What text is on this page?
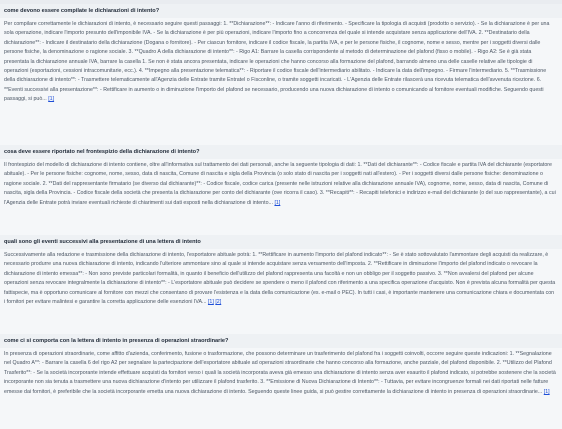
come devono essere compilate le dichiarazioni di intento?
Per compilare correttamente le dichiarazioni di intento, è necessario seguire questi passaggi: 1. **Dichiarazione**: - Indicare l'anno di riferimento. - Specificare la tipologia di acquisti (prodotto o servizio). - Se la dichiarazione è per una sola operazione, indicare l'importo presunto dell'imponibile IVA. - Se la dichiarazione è per più operazioni, indicare l'importo fino a concorrenza del quale si intende acquistare senza applicazione dell'IVA. 2. **Destinatario della dichiarazione**: - Indicare il destinatario della dichiarazione (Dogana o fornitore). - Per ciascun fornitore, indicare il codice fiscale, la partita IVA, e per le persone fisiche, il cognome, nome e sesso, mentre per i soggetti diversi dalle persone fisiche, la denominazione o ragione sociale. 3. **Quadro A della dichiarazione di intento**: - Rigo A1: Barrare la casella corrispondente al metodo di determinazione del plafond (fisso o mobile). - Rigo A2: Se è già stata presentata la dichiarazione annuale IVA, barrare la casella 1. Se non è stata ancora presentata, indicare le operazioni che hanno concorso alla formazione del plafond, barrando almeno una delle caselle relative alle tipologie di operazioni (esportazioni, cessioni intracomunitarie, ecc.). 4. **Impegno alla presentazione telematica**: - Riportare il codice fiscale dell'intermediario abilitato. - Indicare la data dell'impegno. - Firmare l'intermediario. 5. **Trasmissione della dichiarazione di intento**: - Trasmettere telematicamente all'Agenzia delle Entrate tramite Entratel o Fisconline, o tramite soggetti incaricati. - L'Agenzia delle Entrate rilascerà una ricevuta telematica dell'avvenuta ricezione. 6. **Eventi successivi alla presentazione**: - Rettificare in aumento o in diminuzione l'importo del plafond se necessario, producendo una nuova dichiarazione di intento o comunicando al fornitore eventuali modifiche. Seguendo questi passaggi, si può... [1]
cosa deve essere riportato nel frontespizio della dichiarazione di intento?
Il frontespizio del modello di dichiarazione di intento contiene, oltre all'informativa sul trattamento dei dati personali, anche la seguente tipologia di dati: 1. **Dati del dichiarante**: - Codice fiscale e partita IVA del dichiarante (esportatore abituale). - Per le persone fisiche: cognome, nome, sesso, data di nascita, Comune di nascita e sigla della Provincia (o solo stato di nascita per i soggetti nati all'estero). - Per i soggetti diversi dalle persone fisiche: denominazione o ragione sociale. 2. **Dati del rappresentante firmatario (se diverso dal dichiarante)**: - Codice fiscale, codice carica (presente nelle istruzioni relative alla dichiarazione annuale IVA), cognome, nome, sesso, data di nascita, Comune di nascita, sigla della Provincia. - Codice fiscale della società che presenta la dichiarazione per conto del dichiarante (ove ricorra il caso). 3. **Recapiti**: - Recapiti telefonici e indirizzo e-mail del dichiarante (o del suo rappresentante), a cui l'Agenzia delle Entrate potrà inviare eventuali richieste di chiarimenti sui dati esposti nella dichiarazione di intento... [1]
quali sono gli eventi successivi alla presentazione di una lettera di intento
Successivamente alla redazione e trasmissione della dichiarazione di intento, l'esportatore abituale potrà: 1. **Rettificare in aumento l'importo del plafond indicato**: - Se è stato sottovalutato l'ammontare degli acquisti da realizzare, è necessario produrre una nuova dichiarazione di intento, indicando l'ulteriore ammontare sino al quale si intende acquistare senza versamento dell'imposta. 2. **Rettificare in diminuzione l'importo del plafond indicato o revocare la dichiarazione di intento emessa**: - Non sono previste particolari formalità, in quanto il beneficio dell'utilizzo del plafond rappresenta una facoltà e non un obbligo per il soggetto passivo. 3. **Non avvalersi del plafond per alcune operazioni senza revocare integralmente la dichiarazione di intento**: - L'esportatore abituale può decidere se spendere o meno il plafond con riferimento a una specifica operazione d'acquisto. Non è prevista alcuna formalità per questa fattispecie, ma è opportuno comunicare al fornitore con mezzi che consentano di provare l'esistenza e la data della comunicazione (es. e-mail o PEC). In tutti i casi, è importante mantenere una comunicazione chiara e documentata con i fornitori per evitare malintesi e garantire la corretta applicazione delle esenzioni IVA... [1] [2]
come ci si comporta con la lettera di intento in presenza di operazioni straordinarie?
In presenza di operazioni straordinarie, come affitto d'azienda, conferimento, fusione o trasformazione, che possono determinare un trasferimento del plafond fra i soggetti coinvolti, occorre seguire queste indicazioni: 1. **Segnalazione nel Quadro A**: - Barrare la casella 6 del rigo A2 per segnalare la partecipazione dell'esportatore abituale ad operazioni straordinarie che hanno concorso alla formazione, anche parziale, del plafond disponibile. 2. **Utilizzo del Plafond Trasferito**: - Se la società incorporante intende effettuare acquisti da fornitori verso i quali la società incorporata aveva già emesso una dichiarazione di intento senza aver esaurito il plafond indicato, si potrebbe sostenere che la società incorporante non sia tenuta a trasmettere una nuova dichiarazione d'intento per utilizzare il plafond trasferito. 3. **Emissione di Nuova Dichiarazione di Intento**: - Tuttavia, per evitare incongruenze formali nei dati riportati nelle fatture emesse dai fornitori, è preferibile che la società incorporante emetta una nuova dichiarazione di intento. Seguendo queste linee guida, si può gestire correttamente la dichiarazione di intento in presenza di operazioni straordinarie... [1]
